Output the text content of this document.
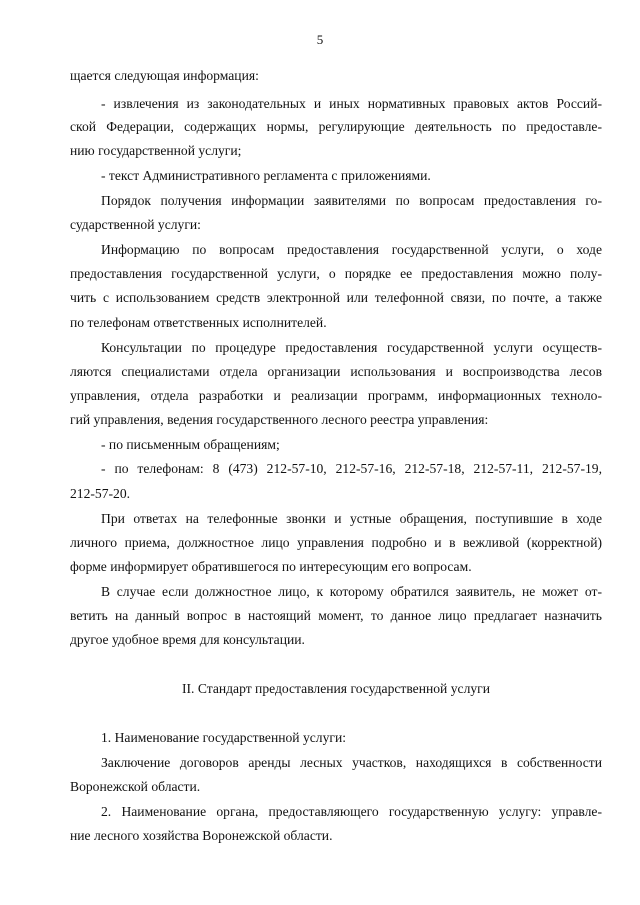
5
щается следующая информация:
- извлечения из законодательных и иных нормативных правовых актов Россий-
ской Федерации, содержащих нормы, регулирующие деятельность по предоставле-
нию государственной услуги;
- текст Административного регламента с приложениями.
Порядок получения информации заявителями по вопросам предоставления го-
сударственной услуги:
Информацию по вопросам предоставления государственной услуги, о ходе
предоставления государственной услуги, о порядке ее предоставления можно полу-
чить с использованием средств электронной или телефонной связи, по почте, а также
по телефонам ответственных исполнителей.
Консультации по процедуре предоставления государственной услуги осуществ-
ляются специалистами отдела организации использования и воспроизводства лесов
управления, отдела разработки и реализации программ, информационных техноло-
гий управления, ведения государственного лесного реестра управления:
- по письменным обращениям;
- по телефонам: 8 (473) 212-57-10, 212-57-16, 212-57-18, 212-57-11, 212-57-19,
212-57-20.
При ответах на телефонные звонки и устные обращения, поступившие в ходе
личного приема, должностное лицо управления подробно и в вежливой (корректной)
форме информирует обратившегося по интересующим его вопросам.
В случае если должностное лицо, к которому обратился заявитель, не может от-
ветить на данный вопрос в настоящий момент, то данное лицо предлагает назначить
другое удобное время для консультации.
II. Стандарт предоставления государственной услуги
1. Наименование государственной услуги:
Заключение договоров аренды лесных участков, находящихся в собственности
Воронежской области.
2. Наименование органа, предоставляющего государственную услугу: управле-
ние лесного хозяйства Воронежской области.
